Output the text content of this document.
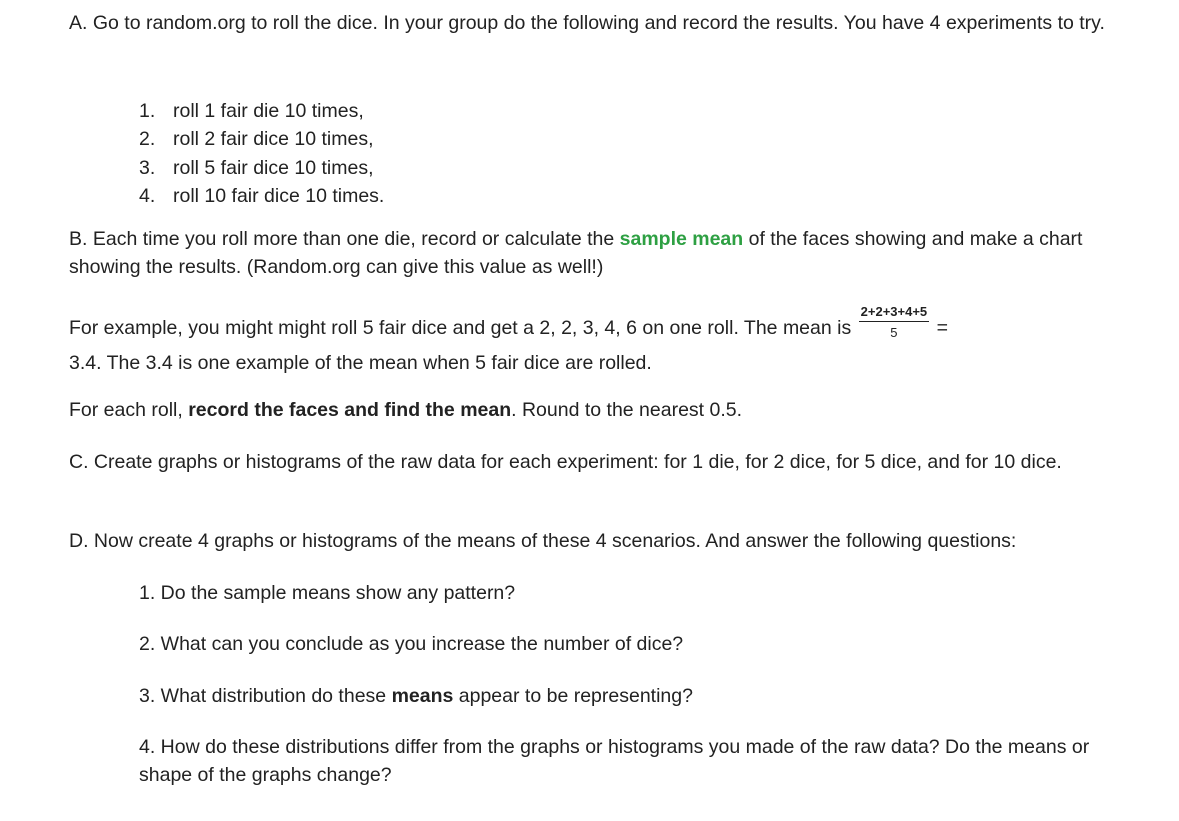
A. Go to random.org to roll the dice. In your group do the following and record the results. You have 4 experiments to try.

1. roll 1 fair die 10 times,
2. roll 2 fair dice 10 times,
3. roll 5 fair dice 10 times,
4. roll 10 fair dice 10 times.

B. Each time you roll more than one die, record or calculate the sample mean of the faces showing and make a chart showing the results. (Random.org can give this value as well!)

For example, you might might roll 5 fair dice and get a 2, 2, 3, 4, 6 on one roll. The mean is $\frac{2+2+3+4+5}{5}$ =
3.4. The 3.4 is one example of the mean when 5 fair dice are rolled.

For each roll, record the faces and find the mean. Round to the nearest 0.5.

C. Create graphs or histograms of the raw data for each experiment: for 1 die, for 2 dice, for 5 dice, and for 10 dice.

D. Now create 4 graphs or histograms of the means of these 4 scenarios. And answer the following questions:

1. Do the sample means show any pattern?

2. What can you conclude as you increase the number of dice?

3. What distribution do these means appear to be representing?

4. How do these distributions differ from the graphs or histograms you made of the raw data? Do the means or shape of the graphs change?
